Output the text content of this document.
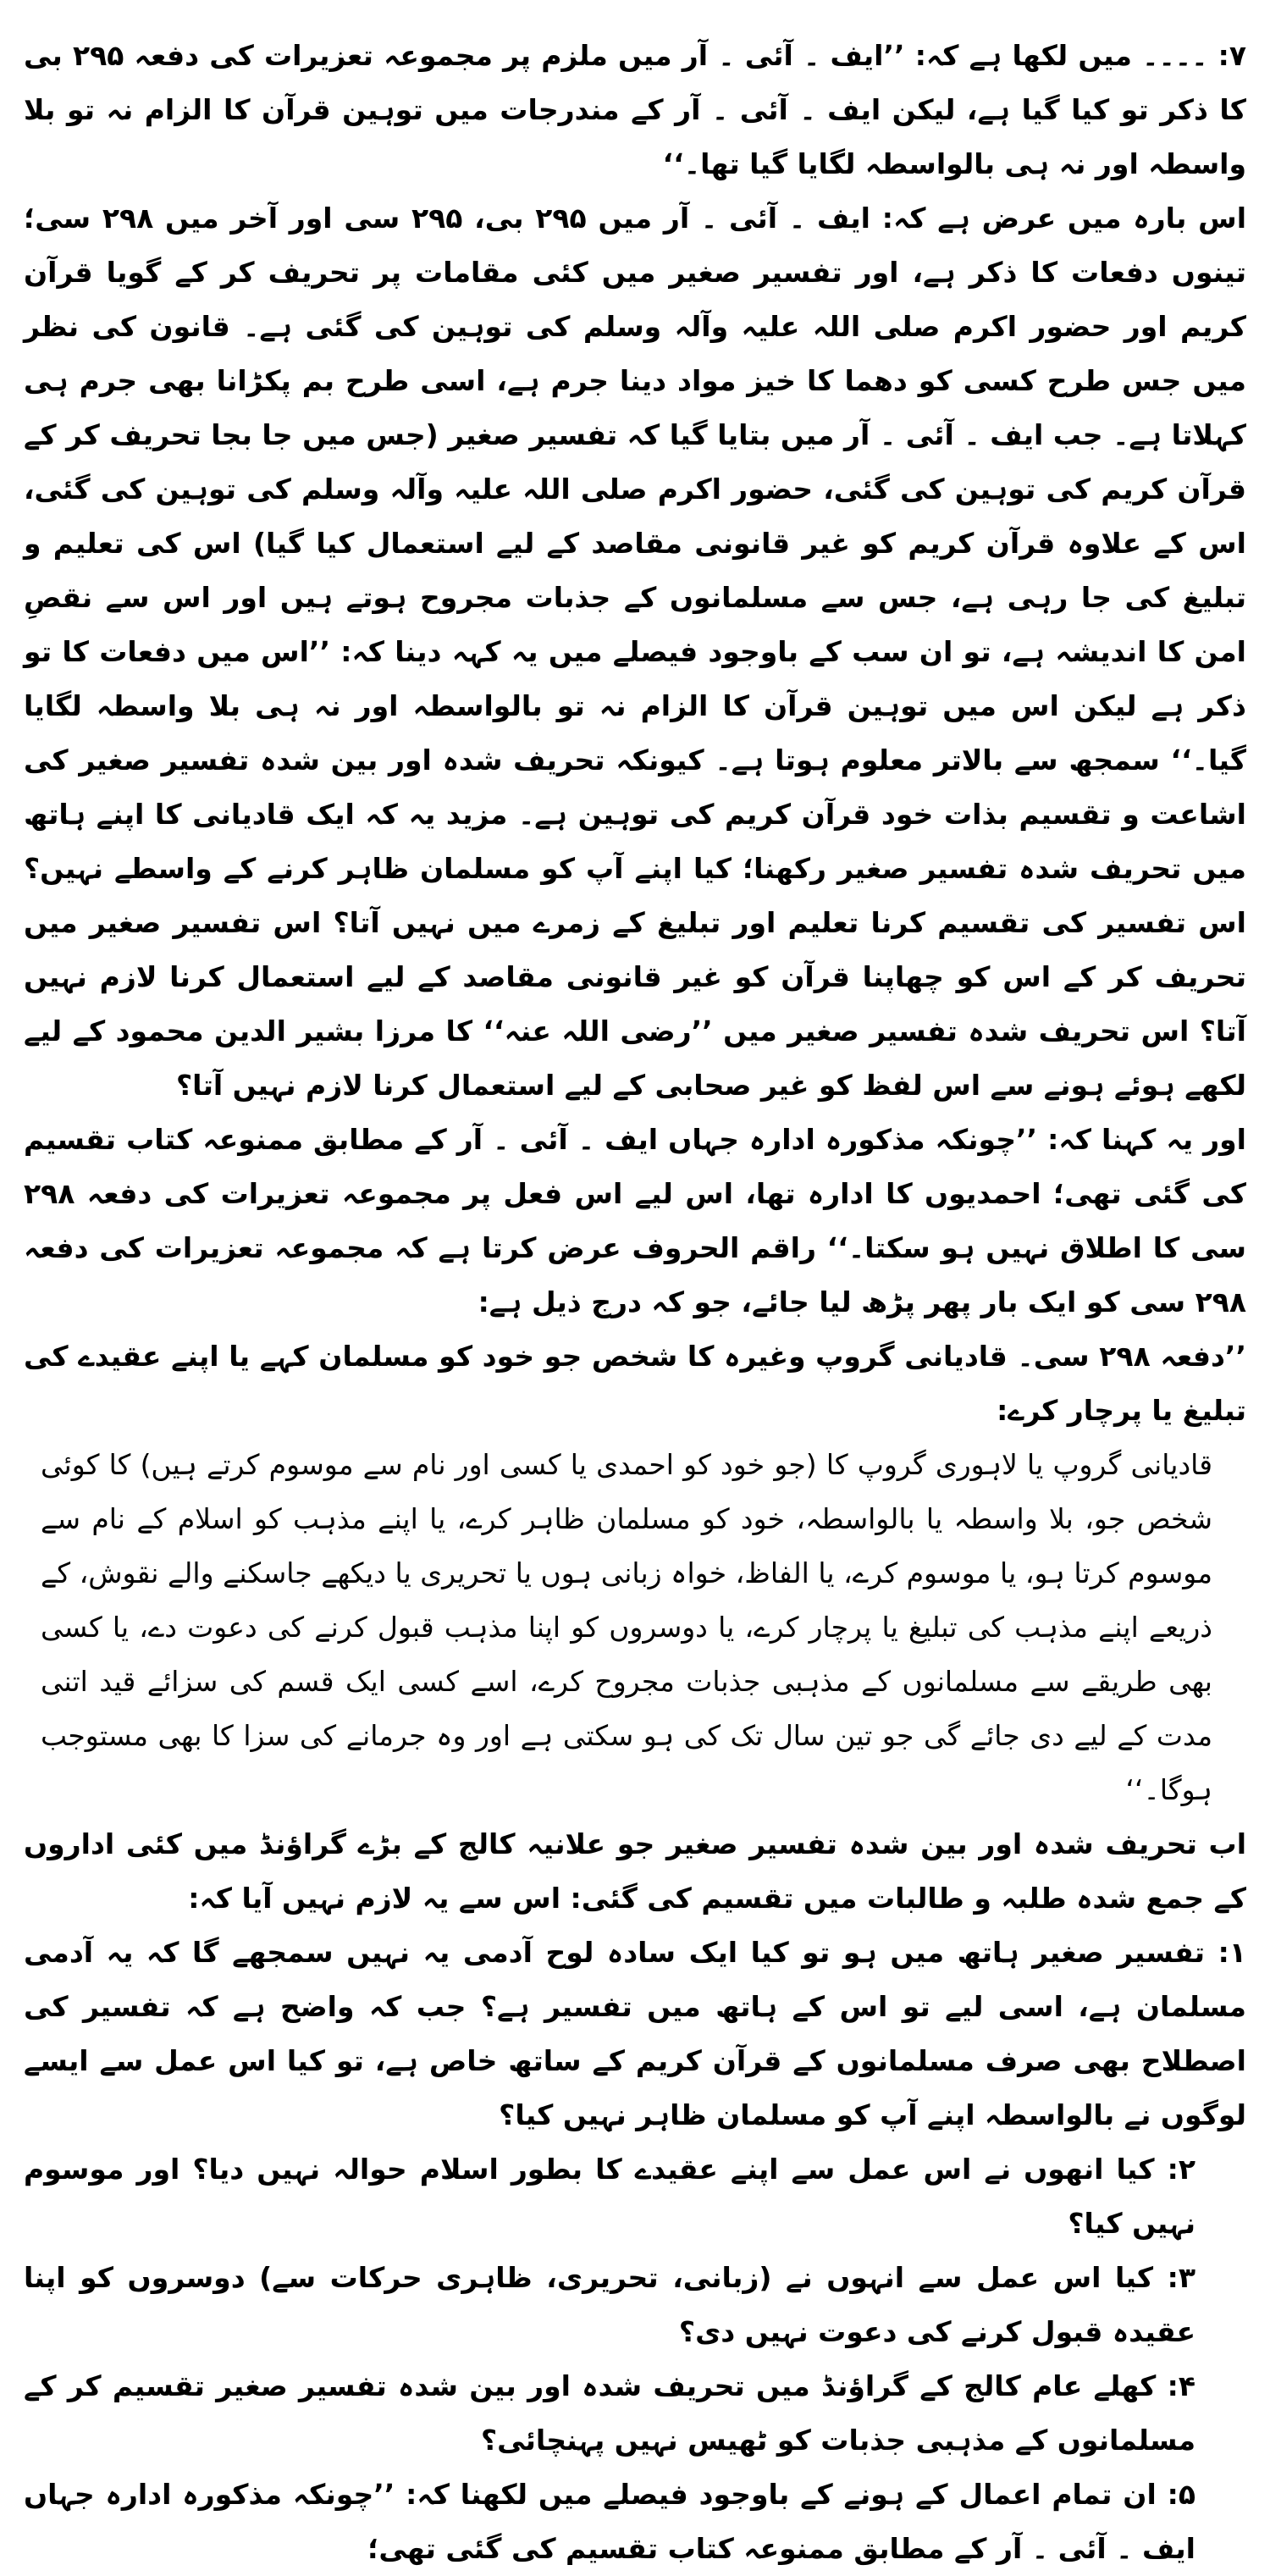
۷: ۔۔۔۔ میں لکھا ہے کہ: ’’ایف ۔ آئی ۔ آر میں ملزم پر مجموعہ تعزیرات کی دفعہ ۲۹۵ بی کا ذکر تو کیا گیا ہے، لیکن ایف ۔ آئی ۔ آر کے مندرجات میں توہین قرآن کا الزام نہ تو بلا واسطہ اور نہ ہی بالواسطہ لگایا گیا تھا۔‘‘

اس بارہ میں عرض ہے کہ: ایف ۔ آئی ۔ آر میں ۲۹۵ بی، ۲۹۵ سی اور آخر میں ۲۹۸ سی؛ تینوں دفعات کا ذکر ہے، اور تفسیر صغیر میں کئی مقامات پر تحریف کر کے گویا قرآن کریم اور حضور اکرم صلی اللہ علیہ وآلہ وسلم کی توہین کی گئی ہے۔ قانون کی نظر میں جس طرح کسی کو دھما کا خیز مواد دینا جرم ہے، اسی طرح بم پکڑانا بھی جرم ہی کہلاتا ہے۔ جب ایف ۔ آئی ۔ آر میں بتایا گیا کہ تفسیر صغیر (جس میں جا بجا تحریف کر کے قرآن کریم کی توہین کی گئی، حضور اکرم صلی اللہ علیہ وآلہ وسلم کی توہین کی گئی، اس کے علاوہ قرآن کریم کو غیر قانونی مقاصد کے لیے استعمال کیا گیا) اس کی تعلیم و تبلیغ کی جا رہی ہے، جس سے مسلمانوں کے جذبات مجروح ہوتے ہیں اور اس سے نقصِ امن کا اندیشہ ہے، تو ان سب کے باوجود فیصلے میں یہ کہہ دینا کہ: ’’اس میں دفعات کا تو ذکر ہے لیکن اس میں توہین قرآن کا الزام نہ تو بالواسطہ اور نہ ہی بلا واسطہ لگایا گیا۔‘‘ سمجھ سے بالاتر معلوم ہوتا ہے۔ کیونکہ تحریف شدہ اور بین شدہ تفسیر صغیر کی اشاعت و تقسیم بذات خود قرآن کریم کی توہین ہے۔ مزید یہ کہ ایک قادیانی کا اپنے ہاتھ میں تحریف شدہ تفسیر صغیر رکھنا؛ کیا اپنے آپ کو مسلمان ظاہر کرنے کے واسطے نہیں؟ اس تفسیر کی تقسیم کرنا تعلیم اور تبلیغ کے زمرے میں نہیں آتا؟ اس تفسیر صغیر میں تحریف کر کے اس کو چھاپنا قرآن کو غیر قانونی مقاصد کے لیے استعمال کرنا لازم نہیں آتا؟ اس تحریف شدہ تفسیر صغیر میں ’’رضی اللہ عنہ‘‘ کا مرزا بشیر الدین محمود کے لیے لکھے ہوئے ہونے سے اس لفظ کو غیر صحابی کے لیے استعمال کرنا لازم نہیں آتا؟

اور یہ کہنا کہ: ’’چونکہ مذکورہ ادارہ جہاں ایف ۔ آئی ۔ آر کے مطابق ممنوعہ کتاب تقسیم کی گئی تھی؛ احمدیوں کا ادارہ تھا، اس لیے اس فعل پر مجموعہ تعزیرات کی دفعہ ۲۹۸ سی کا اطلاق نہیں ہو سکتا۔‘‘ راقم الحروف عرض کرتا ہے کہ مجموعہ تعزیرات کی دفعہ ۲۹۸ سی کو ایک بار پھر پڑھ لیا جائے، جو کہ درج ذیل ہے:

’’دفعہ ۲۹۸ سی۔ قادیانی گروپ وغیرہ کا شخص جو خود کو مسلمان کہے یا اپنے عقیدے کی تبلیغ یا پرچار کرے:

قادیانی گروپ یا لاہوری گروپ کا (جو خود کو احمدی یا کسی اور نام سے موسوم کرتے ہیں) کا کوئی شخص جو، بلا واسطہ یا بالواسطہ، خود کو مسلمان ظاہر کرے، یا اپنے مذہب کو اسلام کے نام سے موسوم کرتا ہو، یا موسوم کرے، یا الفاظ، خواہ زبانی ہوں یا تحریری یا دیکھے جاسکنے والے نقوش، کے ذریعے اپنے مذہب کی تبلیغ یا پرچار کرے، یا دوسروں کو اپنا مذہب قبول کرنے کی دعوت دے، یا کسی بھی طریقے سے مسلمانوں کے مذہبی جذبات مجروح کرے، اسے کسی ایک قسم کی سزائے قید اتنی مدت کے لیے دی جائے گی جو تین سال تک کی ہو سکتی ہے اور وہ جرمانے کی سزا کا بھی مستوجب ہوگا۔‘‘

اب تحریف شدہ اور بین شدہ تفسیر صغیر جو علانیہ کالج کے بڑے گراؤنڈ میں کئی اداروں کے جمع شدہ طلبہ و طالبات میں تقسیم کی گئی: اس سے یہ لازم نہیں آیا کہ:

۱: تفسیر صغیر ہاتھ میں ہو تو کیا ایک سادہ لوح آدمی یہ نہیں سمجھے گا کہ یہ آدمی مسلمان ہے، اسی لیے تو اس کے ہاتھ میں تفسیر ہے؟ جب کہ واضح ہے کہ تفسیر کی اصطلاح بھی صرف مسلمانوں کے قرآن کریم کے ساتھ خاص ہے، تو کیا اس عمل سے ایسے لوگوں نے بالواسطہ اپنے آپ کو مسلمان ظاہر نہیں کیا؟

۲: کیا انھوں نے اس عمل سے اپنے عقیدے کا بطور اسلام حوالہ نہیں دیا؟ اور موسوم نہیں کیا؟

۳: کیا اس عمل سے انہوں نے (زبانی، تحریری، ظاہری حرکات سے) دوسروں کو اپنا عقیدہ قبول کرنے کی دعوت نہیں دی؟

۴: کھلے عام کالج کے گراؤنڈ میں تحریف شدہ اور بین شدہ تفسیر صغیر تقسیم کر کے مسلمانوں کے مذہبی جذبات کو ٹھیس نہیں پہنچائی؟

۵: ان تمام اعمال کے ہونے کے باوجود فیصلے میں لکھنا کہ: ’’چونکہ مذکورہ ادارہ جہاں ایف ۔ آئی ۔ آر کے مطابق ممنوعہ کتاب تقسیم کی گئی تھی؛
